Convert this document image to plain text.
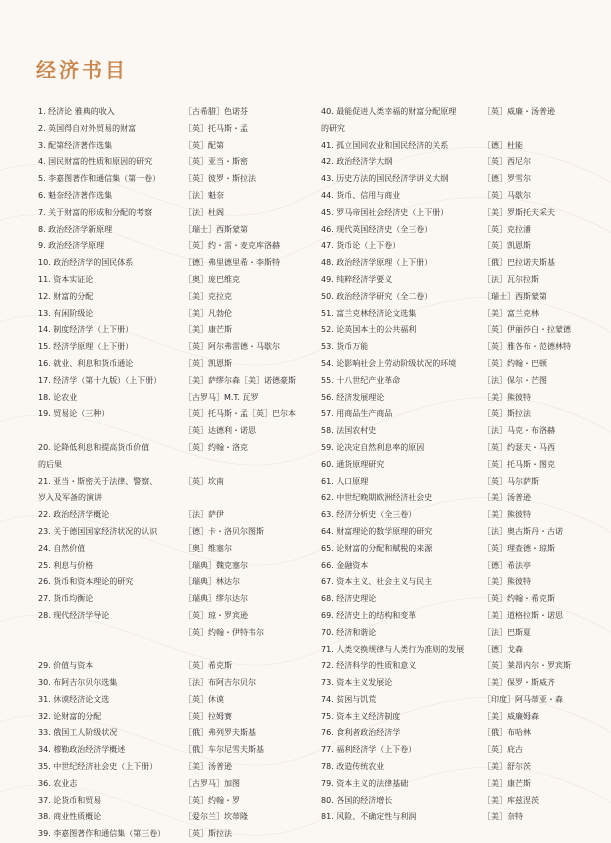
经济书目
1. 经济论 雅典的收入	［古希腊］色诺芬
2. 英国得自对外贸易的财富	［英］托马斯・孟
3. 配第经济著作选集	［英］配第
4. 国民财富的性质和原因的研究	［英］亚当・斯密
5. 李嘉图著作和通信集（第一卷）	［英］彼罗・斯拉法
6. 魁奈经济著作选集	［法］魁奈
7. 关于财富的形成和分配的考察	［法］杜阁
8. 政治经济学新原理	［瑞士］西斯蒙第
9. 政治经济学原理	［英］约・雷・麦克库洛赫
10. 政治经济学的国民体系	［德］弗里德里希・李斯特
11. 资本实证论	［奥］庞巴维克
12. 财富的分配	［美］克拉克
13. 有闲阶级论	［美］凡勃伦
14. 制度经济学（上下册）	［美］康芒斯
15. 经济学原理（上下册）	［英］阿尔弗雷德・马歇尔
16. 就业、利息和货币通论	［英］凯恩斯
17. 经济学（第十九版）（上下册）	［美］萨缪尔森［美］诺德豪斯
18. 论农业	［古罗马］M.T. 瓦罗
19. 贸易论（三种）	［英］托马斯・孟［英］巴尔本
［英］达德利・诺思
20. 论降低利息和提高货币价值	［英］约翰・洛克
的后果
21. 亚当・斯密关于法律、警察、	［英］坎南
岁入及军备的演讲
22. 政治经济学概论	［法］萨伊
23. 关于德国国家经济状况的认识	［德］卡・洛贝尔图斯
24. 自然价值	［奥］维塞尔
25. 利息与价格	［瑞典］魏克塞尔
26. 货币和资本理论的研究	［瑞典］林达尔
27. 货币均衡论	［瑞典］缪尔达尔
28. 现代经济学导论	［英］琼・罗宾逊
［英］约翰・伊特韦尔
29. 价值与资本	［英］希克斯
30. 布阿吉尔贝尔选集	［法］布阿吉尔贝尔
31. 休谟经济论文选	［英］休谟
32. 论财富的分配	［英］拉姆赛
33. 俄国工人阶级状况	［俄］弗列罗夫斯基
34. 穆勒政治经济学概述	［俄］车尔尼雪夫斯基
35. 中世纪经济社会史（上下册）	［美］汤普逊
36. 农业志	［古罗马］加图
37. 论货币和贸易	［英］约翰・罗
38. 商业性质概论	［爱尔兰］坎蒂隆
39. 李嘉图著作和通信集（第三卷）	［英］斯拉法
40. 最能促进人类幸福的财富分配原理	［英］威廉・汤普逊
的研究
41. 孤立国同农业和国民经济的关系	［德］杜能
42. 政治经济学大纲	［英］西尼尔
43. 历史方法的国民经济学讲义大纲	［德］罗雪尔
44. 货币、信用与商业	［英］马歇尔
45. 罗马帝国社会经济史（上下册）	［美］罗斯托夫采夫
46. 现代英国经济史（全三卷）	［英］克拉潘
47. 货币论（上下卷）	［英］凯恩斯
48. 政治经济学原理（上下册）	［俄］巴拉诺夫斯基
49. 纯粹经济学要义	［法］瓦尔拉斯
50. 政治经济学研究（全二卷）	［瑞士］西斯蒙第
51. 富兰克林经济论文选集	［美］富兰克林
52. 论英国本土的公共福利	［英］伊丽莎白・拉蒙德
53. 货币万能	［英］雅各布・范德林特
54. 论影响社会上劳动阶级状况的环境	［英］约翰・巴顿
55. 十八世纪产业革命	［法］保尔・芒图
56. 经济发展理论	［美］熊彼特
57. 用商品生产商品	［英］斯拉法
58. 法国农村史	［法］马克・布洛赫
59. 论决定自然利息率的原因	［英］约瑟夫・马西
60. 通货原理研究	［英］托马斯・图克
61. 人口原理	［英］马尔萨斯
62. 中世纪晚期欧洲经济社会史	［美］汤普逊
63. 经济分析史（全三卷）	［美］熊彼特
64. 财富理论的数学原理的研究	［法］奥古斯丹・古诺
65. 论财富的分配和赋税的来源	［英］理查德・琼斯
66. 金融资本	［德］希法亭
67. 资本主义、社会主义与民主	［美］熊彼特
68. 经济史理论	［英］约翰・希克斯
69. 经济史上的结构和变革	［美］道格拉斯・诺思
70. 经济和谐论	［法］巴斯夏
71. 人类交换规律与人类行为准则的发展	［德］戈森
72. 经济科学的性质和意义	［英］莱昂内尔・罗宾斯
73. 资本主义发展论	［美］保罗・斯威齐
74. 贫困与饥荒	［印度］阿马蒂亚・森
75. 资本主义经济制度	［美］威廉姆森
76. 食利者政治经济学	［俄］布哈林
77. 福利经济学（上下卷）	［英］庇古
78. 改造传统农业	［美］舒尔茨
79. 资本主义的法律基础	［美］康芒斯
80. 各国的经济增长	［美］库兹涅茨
81. 风险、不确定性与利润	［美］奈特
